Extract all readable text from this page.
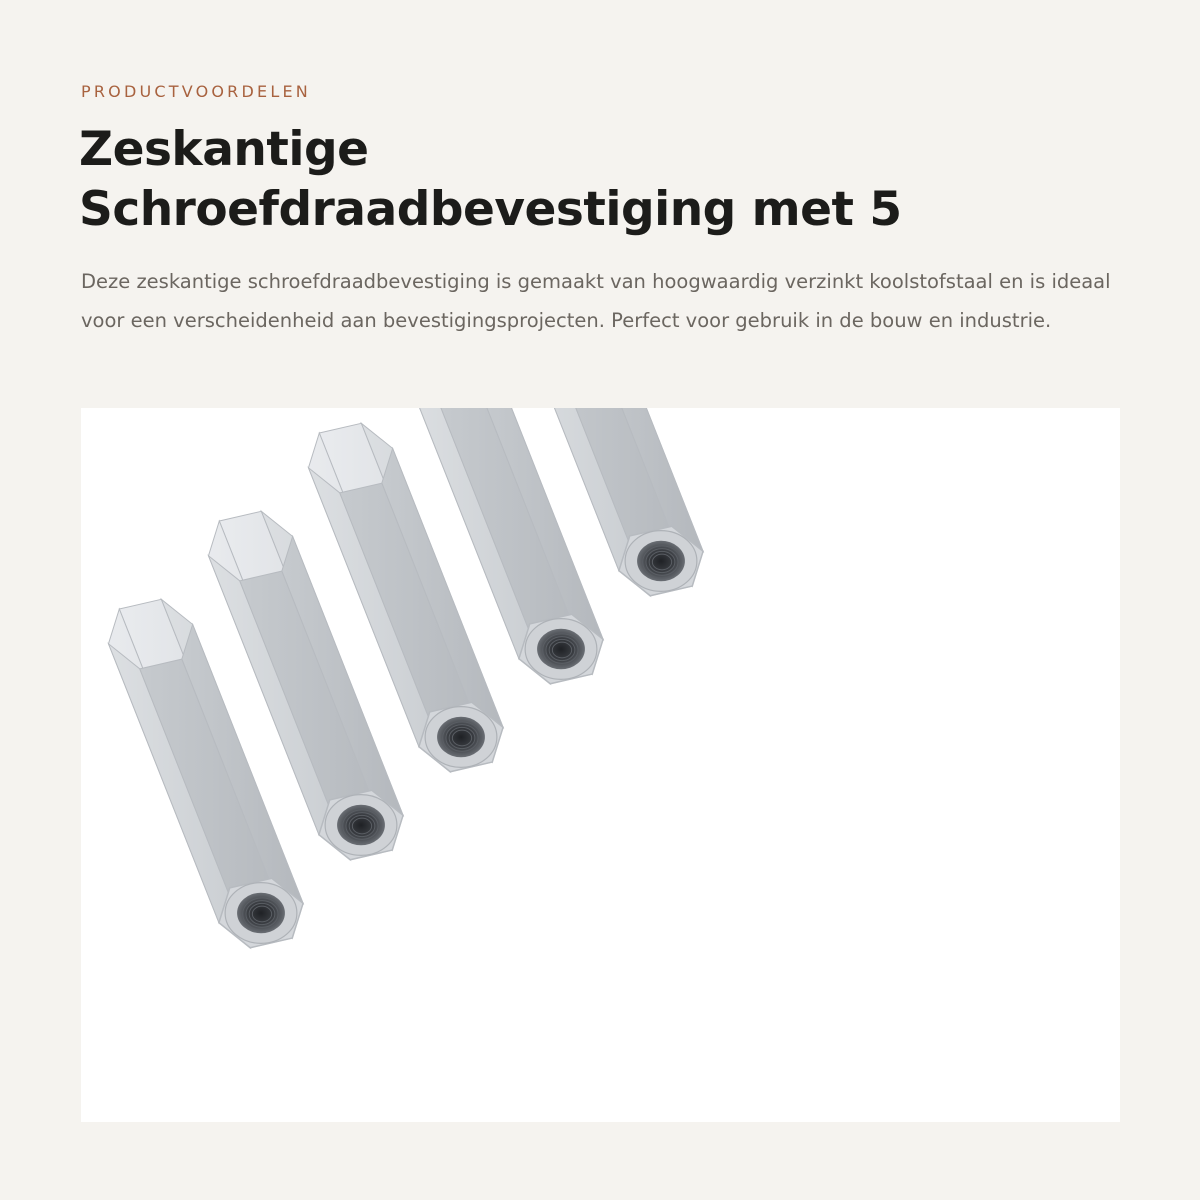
PRODUCTVOORDELEN
Zeskantige
Schroefdraadbevestiging met 5

Deze zeskantige schroefdraadbevestiging is gemaakt van hoogwaardig verzinkt koolstofstaal en is ideaal voor een verscheidenheid aan bevestigingsprojecten. Perfect voor gebruik in de bouw en industrie.
